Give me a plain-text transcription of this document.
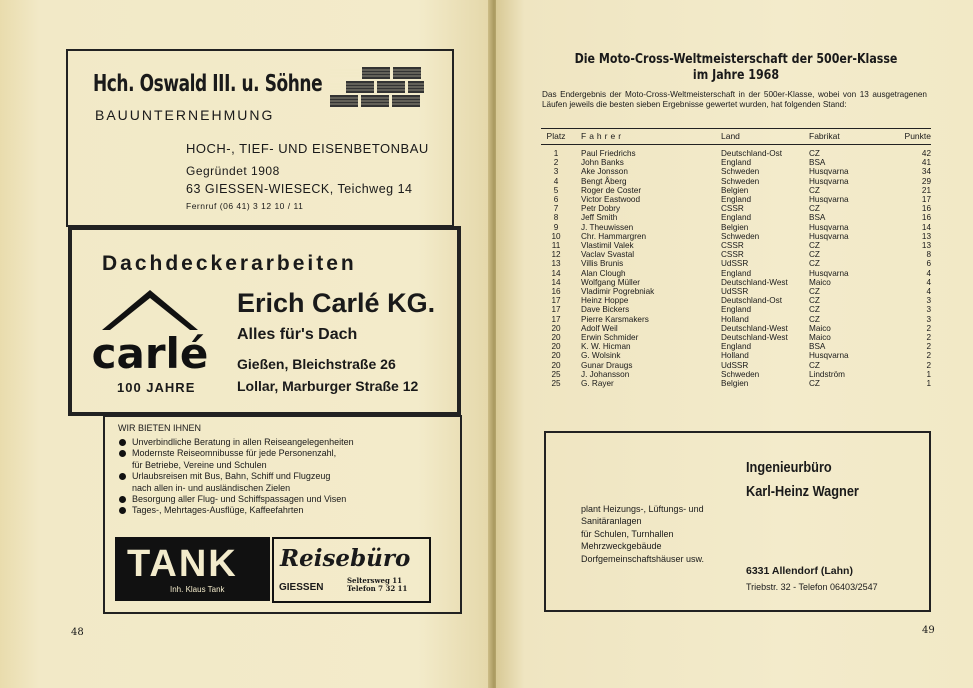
Hch. Oswald III. u. Söhne
BAUUNTERNEHMUNG
HOCH-, TIEF- UND EISENBETONBAU
Gegründet 1908
63 GIESSEN-WIESECK, Teichweg 14
Fernruf (06 41) 3 12 10 / 11
Dachdeckerarbeiten
carlé
Erich Carlé KG.
Alles für's Dach
Gießen, Bleichstraße 26
Lollar, Marburger Straße 12
100 JAHRE
WIR BIETEN IHNEN
Unverbindliche Beratung in allen Reiseangelegenheiten
Modernste Reiseomnibusse für jede Personenzahl,
für Betriebe, Vereine und Schulen
Urlaubsreisen mit Bus, Bahn, Schiff und Flugzeug
nach allen in- und ausländischen Zielen
Besorgung aller Flug- und Schiffspassagen und Visen
Tages-, Mehrtages-Ausflüge, Kaffeefahrten
TANK
Inh. Klaus Tank
Reisebüro
GIESSEN
Seltersweg 11
Telefon 7 32 11
48
Die Moto-Cross-Weltmeisterschaft der 500er-Klasse
im Jahre 1968
Das Endergebnis der Moto-Cross-Weltmeisterschaft in der 500er-Klasse, wobei von 13 ausgetragenen Läufen jeweils die besten sieben Ergebnisse gewertet wurden, hat folgenden Stand:
Platz	Fahrer	Land	Fabrikat	Punkte
1	Paul Friedrichs	Deutschland-Ost	CZ	42
2	John Banks	England	BSA	41
3	Ake Jonsson	Schweden	Husqvarna	34
4	Bengt Åberg	Schweden	Husqvarna	29
5	Roger de Coster	Belgien	CZ	21
6	Victor Eastwood	England	Husqvarna	17
7	Petr Dobry	CSSR	CZ	16
8	Jeff Smith	England	BSA	16
9	J. Theuwissen	Belgien	Husqvarna	14
10	Chr. Hammargren	Schweden	Husqvarna	13
11	Vlastimil Valek	CSSR	CZ	13
12	Vaclav Svastal	CSSR	CZ	8
13	Villis Brunis	UdSSR	CZ	6
14	Alan Clough	England	Husqvarna	4
14	Wolfgang Müller	Deutschland-West	Maico	4
16	Vladimir Pogrebniak	UdSSR	CZ	4
17	Heinz Hoppe	Deutschland-Ost	CZ	3
17	Dave Bickers	England	CZ	3
17	Pierre Karsmakers	Holland	CZ	3
20	Adolf Weil	Deutschland-West	Maico	2
20	Erwin Schmider	Deutschland-West	Maico	2
20	K. W. Hicman	England	BSA	2
20	G. Wolsink	Holland	Husqvarna	2
20	Gunar Draugs	UdSSR	CZ	2
25	J. Johansson	Schweden	Lindström	1
25	G. Rayer	Belgien	CZ	1
Ingenieurbüro
Karl-Heinz Wagner
plant Heizungs-, Lüftungs- und
Sanitäranlagen
für Schulen, Turnhallen
Mehrzweckgebäude
Dorfgemeinschaftshäuser usw.
6331 Allendorf (Lahn)
Triebstr. 32 - Telefon 06403/2547
49
